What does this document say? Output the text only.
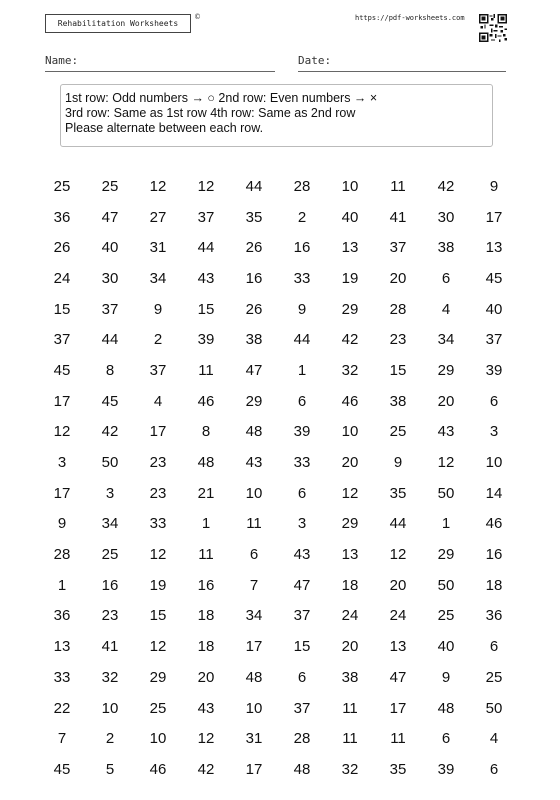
Rehabilitation Worksheets
©	https://pdf-worksheets.com
Name:	Date:
1st row: Odd numbers → ○ 2nd row: Even numbers → ×
3rd row: Same as 1st row 4th row: Same as 2nd row
Please alternate between each row.
25	25	12	12	44	28	10	11	42	9
36	47	27	37	35	2	40	41	30	17
26	40	31	44	26	16	13	37	38	13
24	30	34	43	16	33	19	20	6	45
15	37	9	15	26	9	29	28	4	40
37	44	2	39	38	44	42	23	34	37
45	8	37	11	47	1	32	15	29	39
17	45	4	46	29	6	46	38	20	6
12	42	17	8	48	39	10	25	43	3
3	50	23	48	43	33	20	9	12	10
17	3	23	21	10	6	12	35	50	14
9	34	33	1	11	3	29	44	1	46
28	25	12	11	6	43	13	12	29	16
1	16	19	16	7	47	18	20	50	18
36	23	15	18	34	37	24	24	25	36
13	41	12	18	17	15	20	13	40	6
33	32	29	20	48	6	38	47	9	25
22	10	25	43	10	37	11	17	48	50
7	2	10	12	31	28	11	11	6	4
45	5	46	42	17	48	32	35	39	6
